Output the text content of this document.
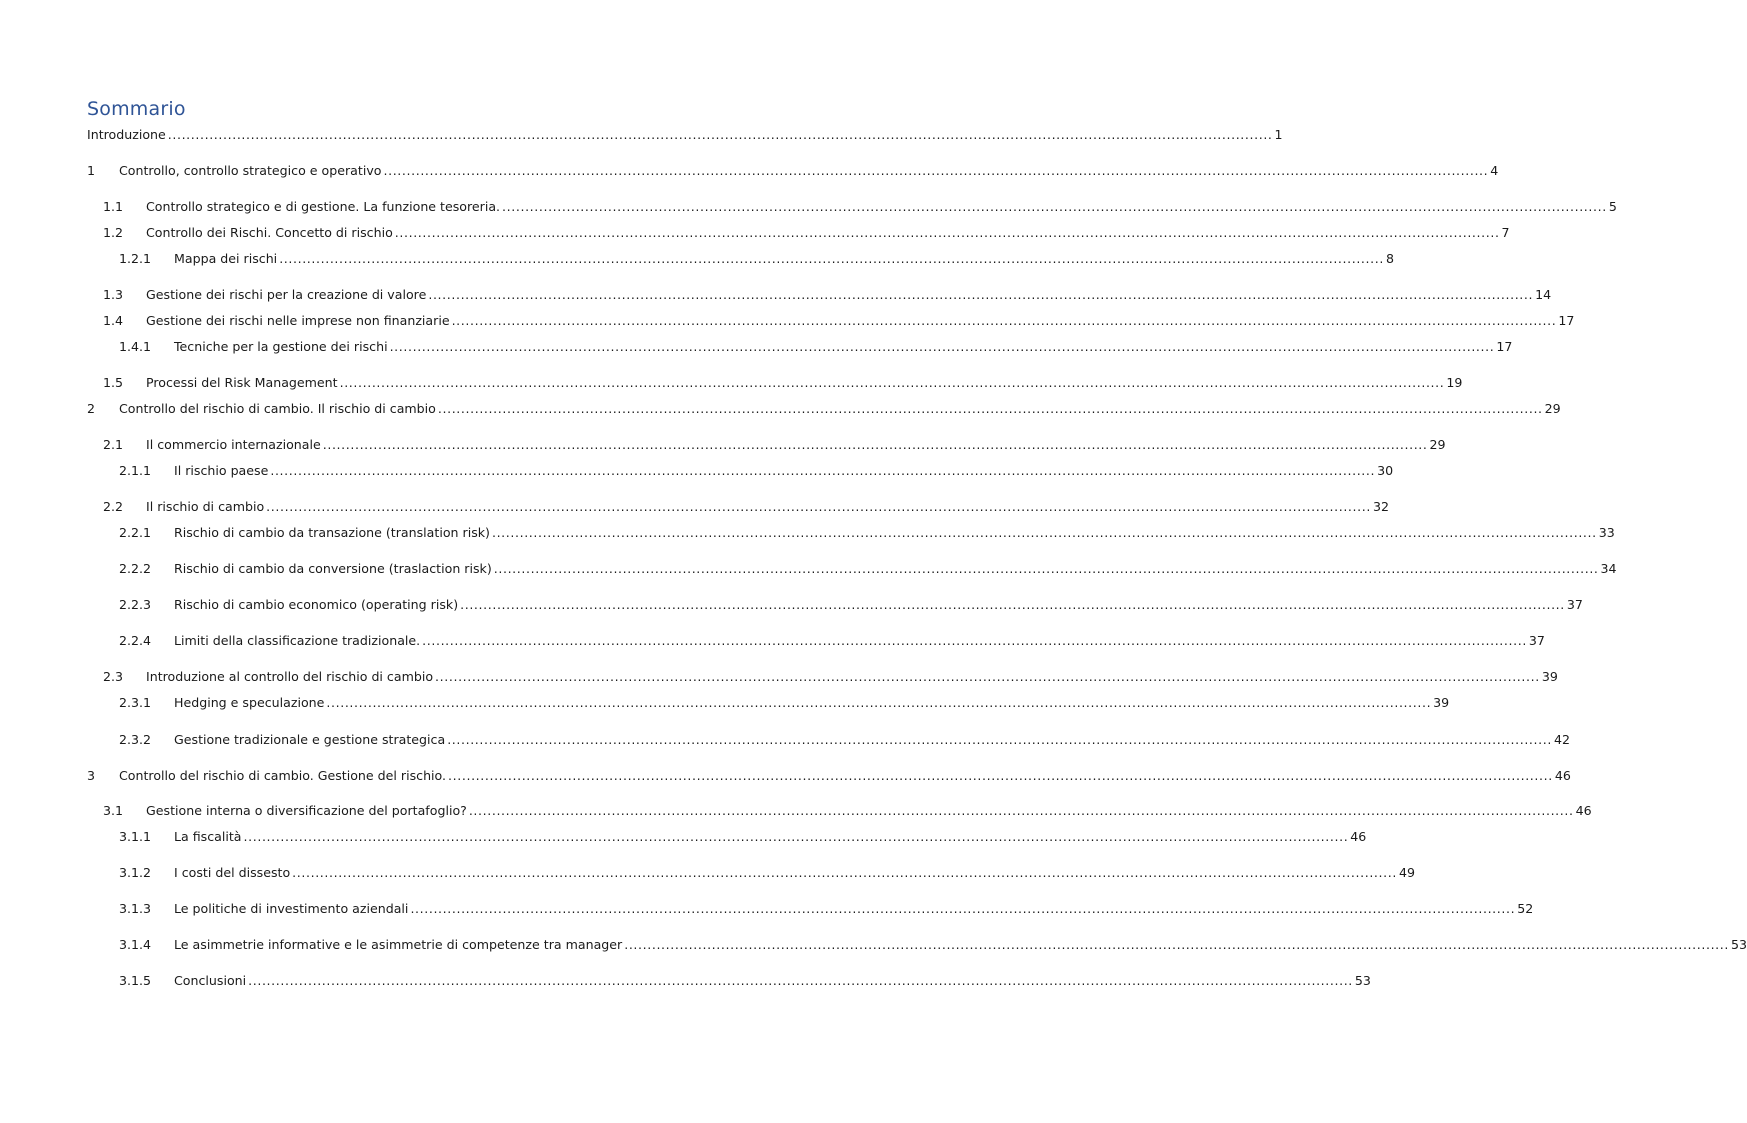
Sommario
Introduzione .....	1
1	Controllo, controllo strategico e operativo .....	4
1.1	Controllo strategico e di gestione. La funzione tesoreria. .....	5
1.2	Controllo dei Rischi. Concetto di rischio .....	7
1.2.1	Mappa dei rischi .....	8
1.3	Gestione dei rischi per la creazione di valore .....	14
1.4	Gestione dei rischi nelle imprese non finanziarie .....	17
1.4.1	Tecniche per la gestione dei rischi .....	17
1.5	Processi del Risk Management .....	19
2	Controllo del rischio di cambio. Il rischio di cambio .....	29
2.1	Il commercio internazionale .....	29
2.1.1	Il rischio paese .....	30
2.2	Il rischio di cambio .....	32
2.2.1	Rischio di cambio da transazione (translation risk) .....	33
2.2.2	Rischio di cambio da conversione (traslaction risk) .....	34
2.2.3	Rischio di cambio economico (operating risk) .....	37
2.2.4	Limiti della classificazione tradizionale. .....	37
2.3	Introduzione al controllo del rischio di cambio .....	39
2.3.1	Hedging e speculazione .....	39
2.3.2	Gestione tradizionale e gestione strategica .....	42
3	Controllo del rischio di cambio. Gestione del rischio. .....	46
3.1	Gestione interna o diversificazione del portafoglio? .....	46
3.1.1	La fiscalità .....	46
3.1.2	I costi del dissesto .....	49
3.1.3	Le politiche di investimento aziendali .....	52
3.1.4	Le asimmetrie informative e le asimmetrie di competenze tra manager .....	53
3.1.5	Conclusioni .....	53
